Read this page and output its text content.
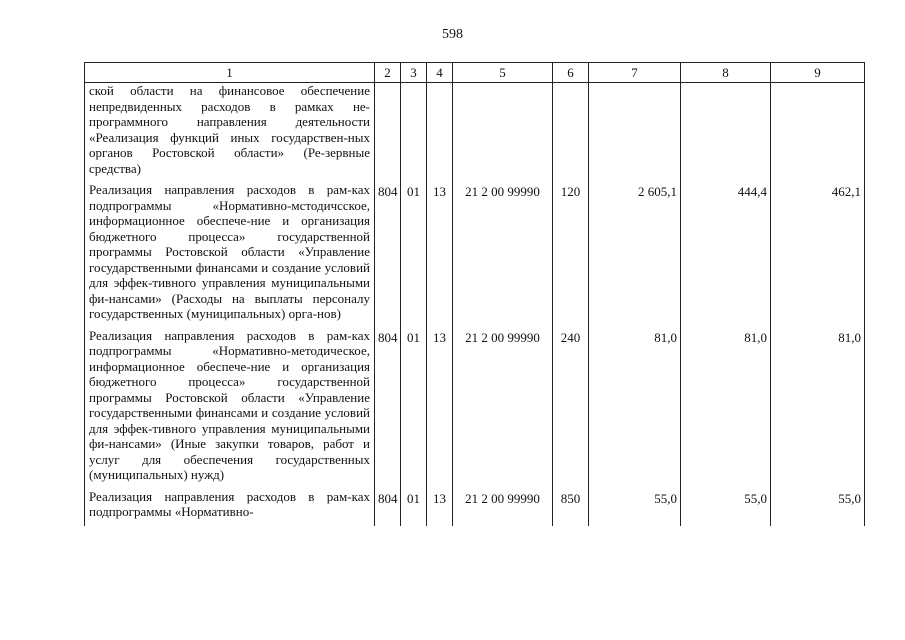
598
1	2	3	4	5	6	7	8	9
ской области на финансовое обеспечение непредвиденных расходов в рамках не-программного направления деятельности «Реализация функций иных государствен-ных органов Ростовской области» (Ре-зервные средства)								
Реализация направления расходов в рам-ках подпрограммы «Нормативно-мстодичсское, информационное обеспече-ние и организация бюджетного процесса» государственной программы Ростовской области «Управление государственными финансами и создание условий для эффек-тивного управления муниципальными фи-нансами» (Расходы на выплаты персоналу государственных (муниципальных) орга-нов)	804	01	13	21 2 00 99990	120	2 605,1	444,4	462,1
Реализация направления расходов в рам-ках подпрограммы «Нормативно-методическое, информационное обеспече-ние и организация бюджетного процесса» государственной программы Ростовской области «Управление государственными финансами и создание условий для эффек-тивного управления муниципальными фи-нансами» (Иные закупки товаров, работ и услуг для обеспечения государственных (муниципальных) нужд)	804	01	13	21 2 00 99990	240	81,0	81,0	81,0
Реализация направления расходов в рам-ках подпрограммы «Нормативно-	804	01	13	21 2 00 99990	850	55,0	55,0	55,0
